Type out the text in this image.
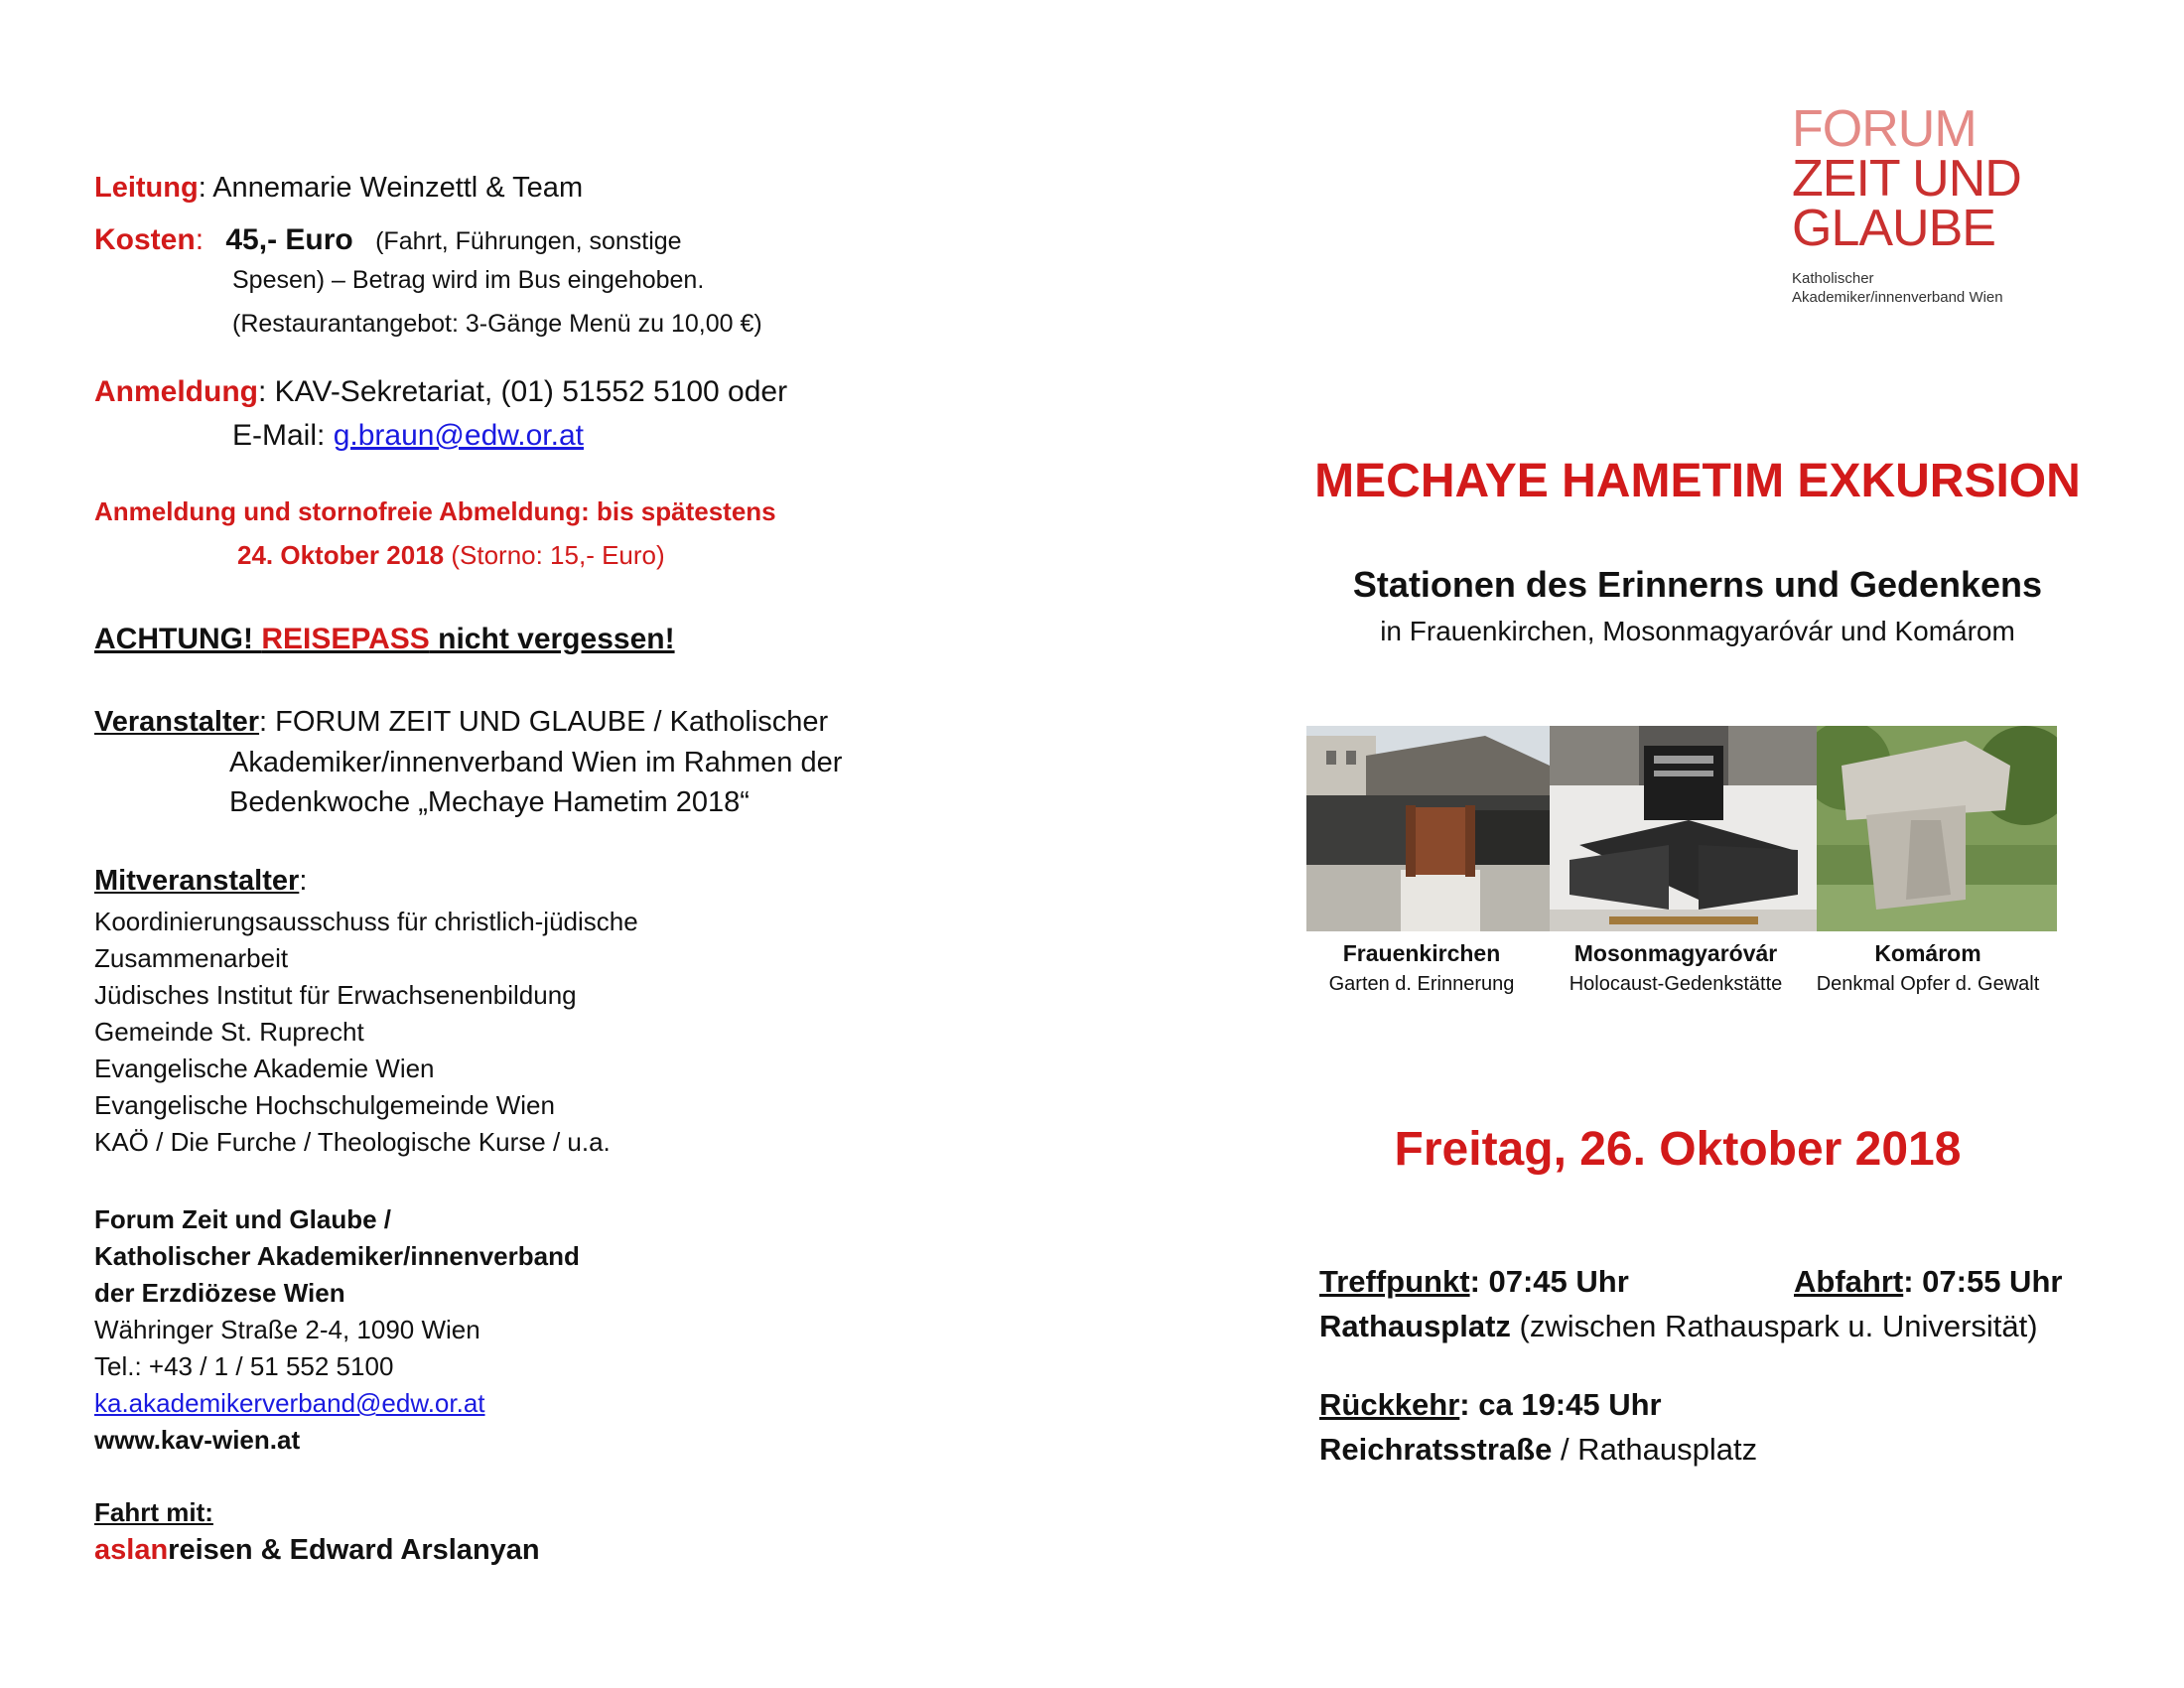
Leitung: Annemarie Weinzettl & Team
Kosten: 45,- Euro (Fahrt, Führungen, sonstige
Spesen) – Betrag wird im Bus eingehoben.
(Restaurantangebot: 3-Gänge Menü zu 10,00 €)
Anmeldung: KAV-Sekretariat, (01) 51552 5100 oder
E-Mail: g.braun@edw.or.at
Anmeldung und stornofreie Abmeldung: bis spätestens
24. Oktober 2018 (Storno: 15,- Euro)
ACHTUNG! REISEPASS nicht vergessen!
Veranstalter: FORUM ZEIT UND GLAUBE / Katholischer
Akademiker/innenverband Wien im Rahmen der
Bedenkwoche „Mechaye Hametim 2018“
Mitveranstalter:
Koordinierungsausschuss für christlich-jüdische
Zusammenarbeit
Jüdisches Institut für Erwachsenenbildung
Gemeinde St. Ruprecht
Evangelische Akademie Wien
Evangelische Hochschulgemeinde Wien
KAÖ / Die Furche / Theologische Kurse / u.a.
Forum Zeit und Glaube /
Katholischer Akademiker/innenverband
der Erzdiözese Wien
Währinger Straße 2-4, 1090 Wien
Tel.: +43 / 1 / 51 552 5100
ka.akademikerverband@edw.or.at
www.kav-wien.at
Fahrt mit:
aslanreisen & Edward Arslanyan
FORUM
ZEIT UND
GLAUBE
Katholischer
Akademiker/innenverband Wien
MECHAYE HAMETIM EXKURSION
Stationen des Erinnerns und Gedenkens
in Frauenkirchen, Mosonmagyaróvár und Komárom
Frauenkirchen
Garten d. Erinnerung
Mosonmagyaróvár
Holocaust-Gedenkstätte
Komárom
Denkmal Opfer d. Gewalt
Freitag, 26. Oktober 2018
Treffpunkt: 07:45 Uhr	Abfahrt: 07:55 Uhr
Rathausplatz (zwischen Rathauspark u. Universität)
Rückkehr: ca 19:45 Uhr
Reichratsstraße / Rathausplatz
